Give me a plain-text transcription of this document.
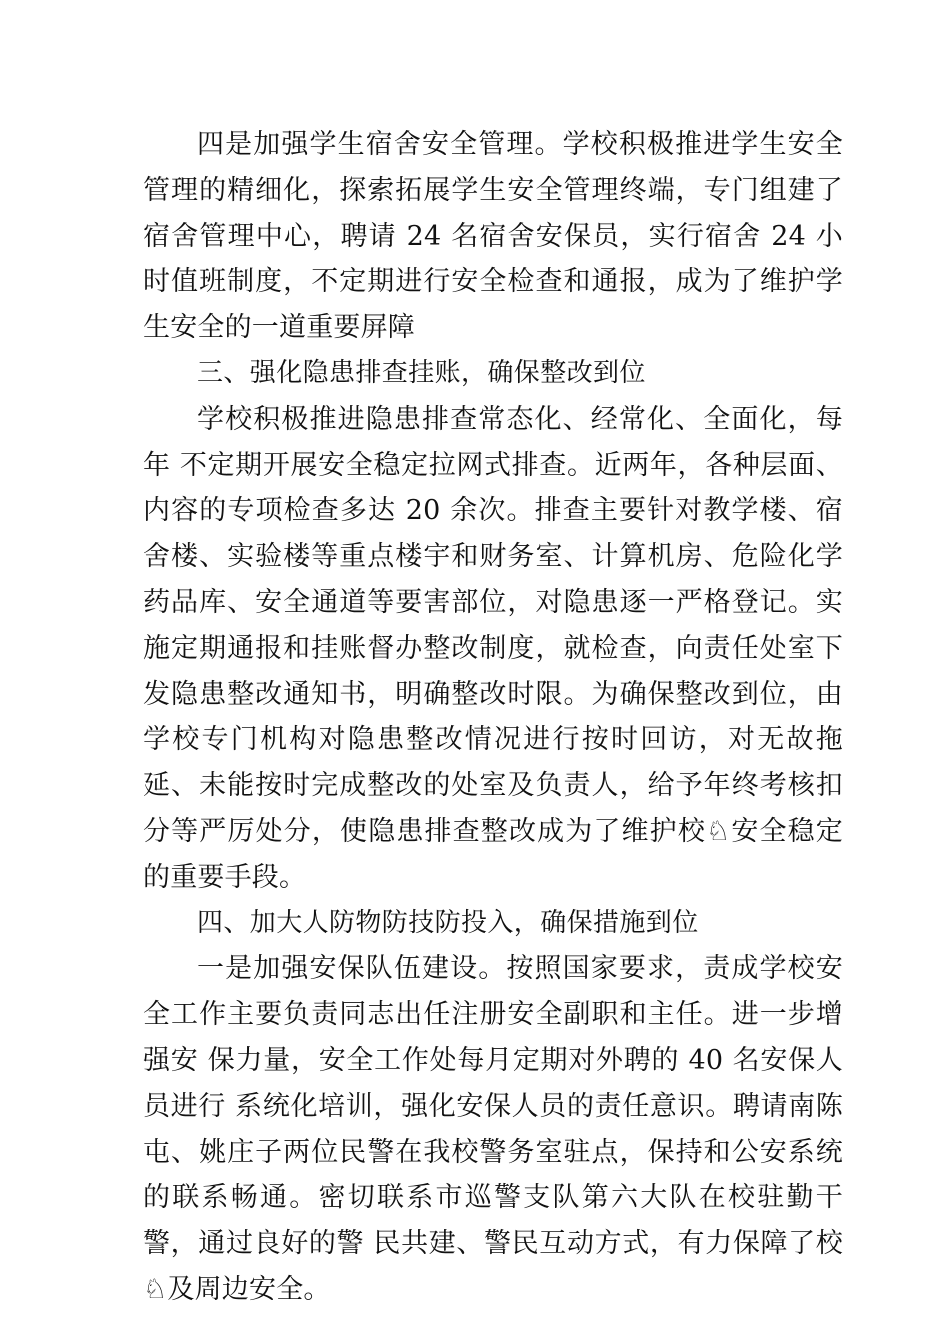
四是加强学生宿舍安全管理。学校积极推进学生安全管理的精细化，探索拓展学生安全管理终端，专门组建了宿舍管理中心，聘请 24 名宿舍安保员，实行宿舍 24 小时值班制度，不定期进行安全检查和通报，成为了维护学生安全的一道重要屏障

三、强化隐患排查挂账，确保整改到位

学校积极推进隐患排查常态化、经常化、全面化，每年 不定期开展安全稳定拉网式排查。近两年，各种层面、内容的专项检查多达 20 余次。排查主要针对教学楼、宿舍楼、实验楼等重点楼宇和财务室、计算机房、危险化学药品库、安全通道等要害部位，对隐患逐一严格登记。实施定期通报和挂账督办整改制度，就检查，向责任处室下发隐患整改通知书，明确整改时限。为确保整改到位，由学校专门机构对隐患整改情况进行按时回访，对无故拖延、未能按时完成整改的处室及负责人，给予年终考核扣分等严厉处分，使隐患排查整改成为了维护校♘安全稳定的重要手段。

四、加大人防物防技防投入，确保措施到位

一是加强安保队伍建设。按照国家要求，责成学校安全工作主要负责同志出任注册安全副职和主任。进一步增强安 保力量，安全工作处每月定期对外聘的 40 名安保人员进行 系统化培训，强化安保人员的责任意识。聘请南陈屯、姚庄子两位民警在我校警务室驻点，保持和公安系统的联系畅通。密切联系市巡警支队第六大队在校驻勤干警，通过良好的警 民共建、警民互动方式，有力保障了校♘及周边安全。
